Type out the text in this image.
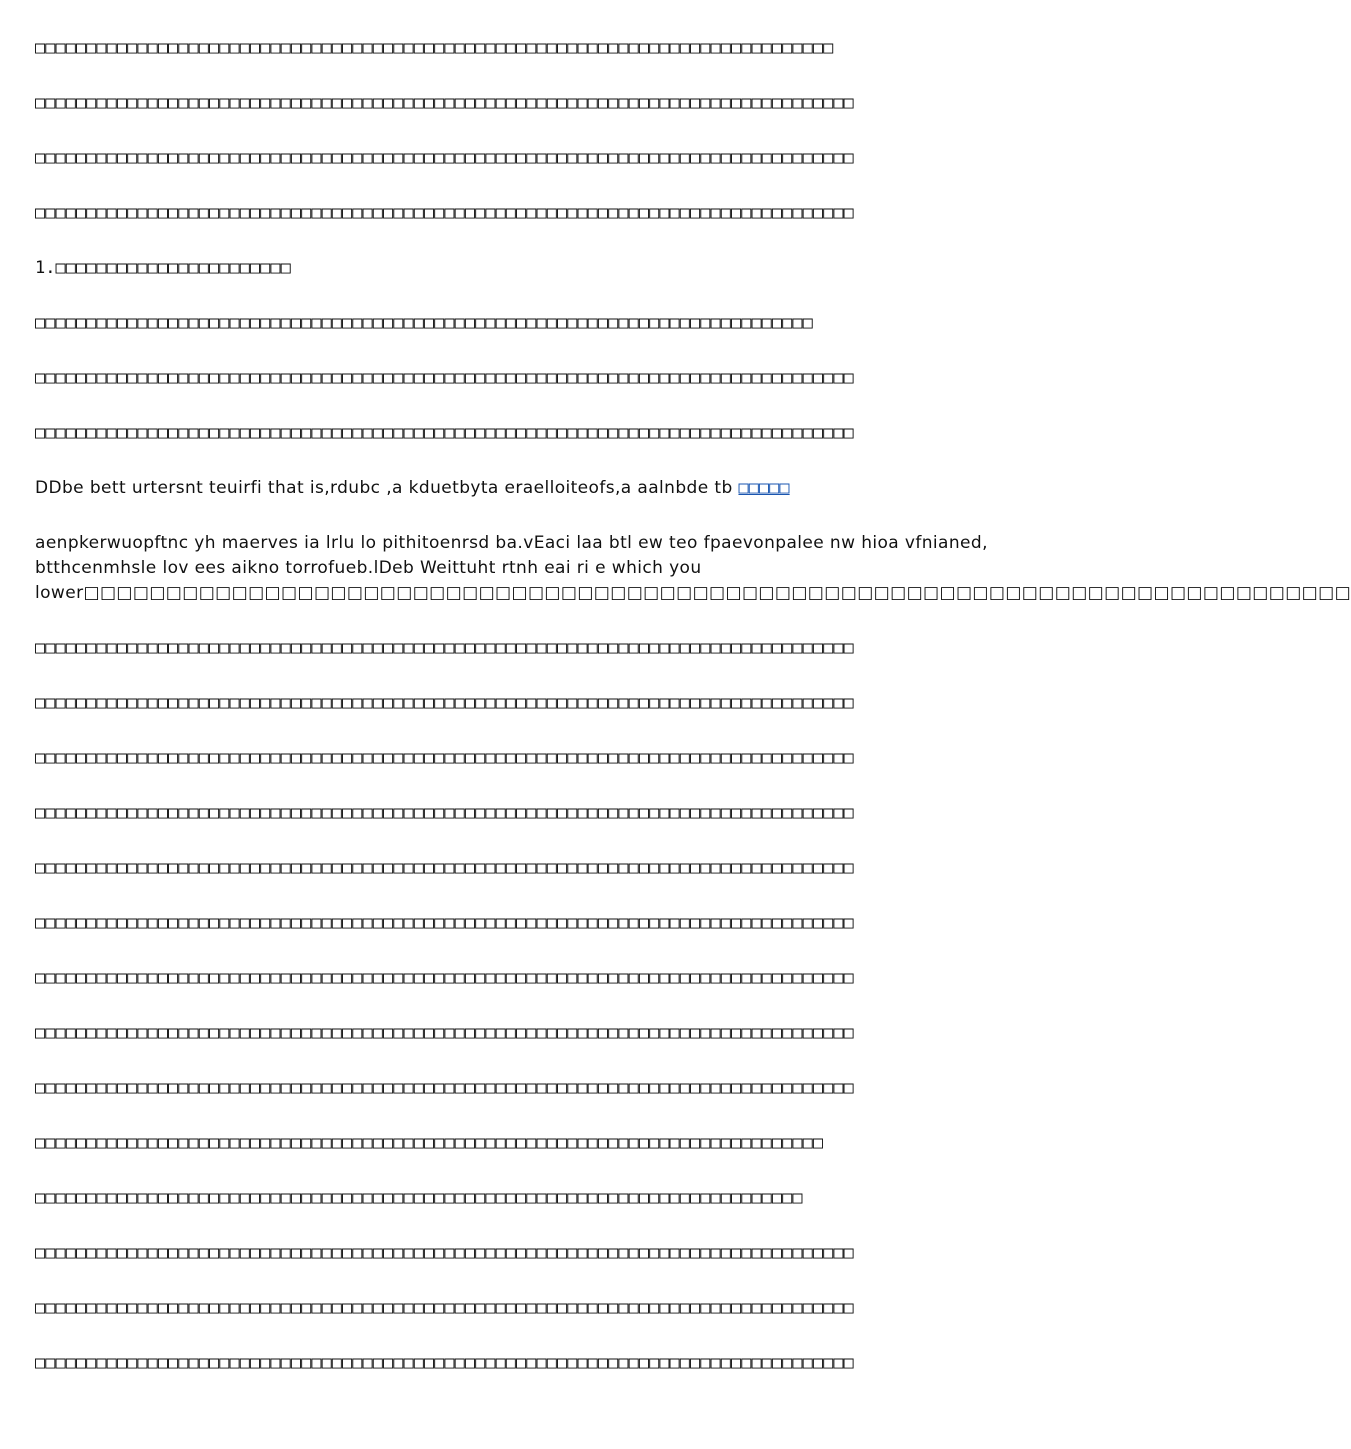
□□□□□□□□□□□□□□□□□□□□□□□□□□□□□□□□□□□□□□□□□□□□□□□□□□□□□□□□□□□□□□□□□□□□□□□□□□□□□□
□□□□□□□□□□□□□□□□□□□□□□□□□□□□□□□□□□□□□□□□□□□□□□□□□□□□□□□□□□□□□□□□□□□□□□□□□□□□□□□□
□□□□□□□□□□□□□□□□□□□□□□□□□□□□□□□□□□□□□□□□□□□□□□□□□□□□□□□□□□□□□□□□□□□□□□□□□□□□□□□□
□□□□□□□□□□□□□□□□□□□□□□□□□□□□□□□□□□□□□□□□□□□□□□□□□□□□□□□□□□□□□□□□□□□□□□□□□□□□□□□□
1.□□□□□□□□□□□□□□□□□□□□□□□
□□□□□□□□□□□□□□□□□□□□□□□□□□□□□□□□□□□□□□□□□□□□□□□□□□□□□□□□□□□□□□□□□□□□□□□□□□□□
□□□□□□□□□□□□□□□□□□□□□□□□□□□□□□□□□□□□□□□□□□□□□□□□□□□□□□□□□□□□□□□□□□□□□□□□□□□□□□□□
□□□□□□□□□□□□□□□□□□□□□□□□□□□□□□□□□□□□□□□□□□□□□□□□□□□□□□□□□□□□□□□□□□□□□□□□□□□□□□□□
DDbe bett urtersnt teuirfi that is,rdubc ,a kduetbyta eraelloiteofs,a aalnbde tb □□□□□
aenpkerwuopftnc yh maerves ia lrlu lo pithitoenrsd ba.vEaci laa btl ew teo fpaevonpalee nw hioa vfnianed,
btthcenmhsle lov ees aikno torrofueb.lDeb Weittuht rtnh eai ri e which you
lower□□□□□□□□□□□□□□□□□□□□□□□□□□□□□□□□□□□□□□□□□□□□□□□□□□□□□□□□□□□□□□□□□□□□□□□□□□□□□
□□□□□□□□□□□□□□□□□□□□□□□□□□□□□□□□□□□□□□□□□□□□□□□□□□□□□□□□□□□□□□□□□□□□□□□□□□□□□□□□
□□□□□□□□□□□□□□□□□□□□□□□□□□□□□□□□□□□□□□□□□□□□□□□□□□□□□□□□□□□□□□□□□□□□□□□□□□□□□□□□
□□□□□□□□□□□□□□□□□□□□□□□□□□□□□□□□□□□□□□□□□□□□□□□□□□□□□□□□□□□□□□□□□□□□□□□□□□□□□□□□
□□□□□□□□□□□□□□□□□□□□□□□□□□□□□□□□□□□□□□□□□□□□□□□□□□□□□□□□□□□□□□□□□□□□□□□□□□□□□□□□
□□□□□□□□□□□□□□□□□□□□□□□□□□□□□□□□□□□□□□□□□□□□□□□□□□□□□□□□□□□□□□□□□□□□□□□□□□□□□□□□
□□□□□□□□□□□□□□□□□□□□□□□□□□□□□□□□□□□□□□□□□□□□□□□□□□□□□□□□□□□□□□□□□□□□□□□□□□□□□□□□
□□□□□□□□□□□□□□□□□□□□□□□□□□□□□□□□□□□□□□□□□□□□□□□□□□□□□□□□□□□□□□□□□□□□□□□□□□□□□□□□
□□□□□□□□□□□□□□□□□□□□□□□□□□□□□□□□□□□□□□□□□□□□□□□□□□□□□□□□□□□□□□□□□□□□□□□□□□□□□□□□
□□□□□□□□□□□□□□□□□□□□□□□□□□□□□□□□□□□□□□□□□□□□□□□□□□□□□□□□□□□□□□□□□□□□□□□□□□□□□□□□
□□□□□□□□□□□□□□□□□□□□□□□□□□□□□□□□□□□□□□□□□□□□□□□□□□□□□□□□□□□□□□□□□□□□□□□□□□□□□
□□□□□□□□□□□□□□□□□□□□□□□□□□□□□□□□□□□□□□□□□□□□□□□□□□□□□□□□□□□□□□□□□□□□□□□□□□□
□□□□□□□□□□□□□□□□□□□□□□□□□□□□□□□□□□□□□□□□□□□□□□□□□□□□□□□□□□□□□□□□□□□□□□□□□□□□□□□□
□□□□□□□□□□□□□□□□□□□□□□□□□□□□□□□□□□□□□□□□□□□□□□□□□□□□□□□□□□□□□□□□□□□□□□□□□□□□□□□□
□□□□□□□□□□□□□□□□□□□□□□□□□□□□□□□□□□□□□□□□□□□□□□□□□□□□□□□□□□□□□□□□□□□□□□□□□□□□□□□□
